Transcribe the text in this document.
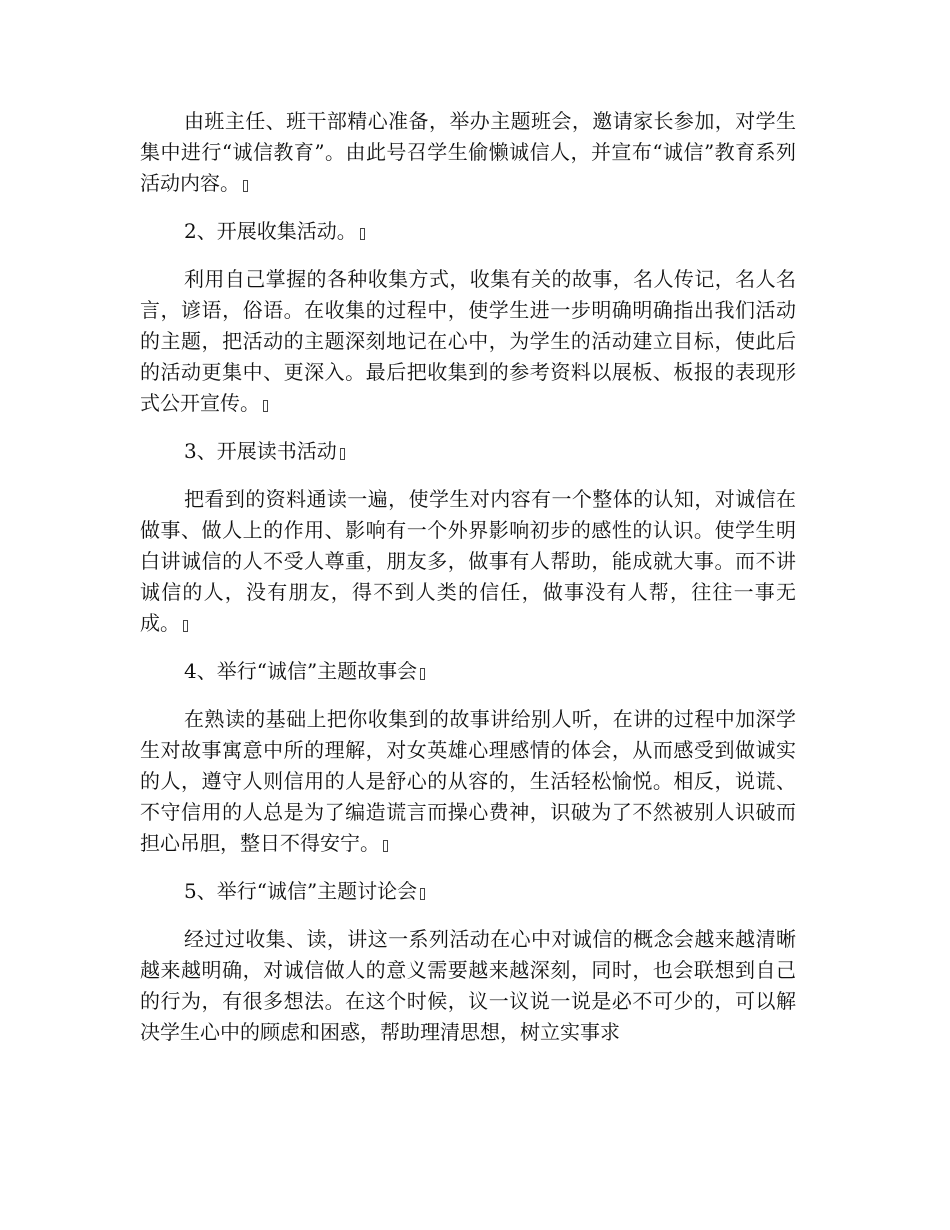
由班主任、班干部精心准备，举办主题班会，邀请家长参加，对学生集中进行“诚信教育”。由此号召学生偷懒诚信人，并宣布“诚信”教育系列活动内容。

2、开展收集活动。

利用自己掌握的各种收集方式，收集有关的故事，名人传记，名人名言，谚语，俗语。在收集的过程中，使学生进一步明确明确指出我们活动的主题，把活动的主题深刻地记在心中，为学生的活动建立目标，使此后的活动更集中、更深入。最后把收集到的参考资料以展板、板报的表现形式公开宣传。

3、开展读书活动

把看到的资料通读一遍，使学生对内容有一个整体的认知，对诚信在做事、做人上的作用、影响有一个外界影响初步的感性的认识。使学生明白讲诚信的人不受人尊重，朋友多，做事有人帮助，能成就大事。而不讲诚信的人，没有朋友，得不到人类的信任，做事没有人帮，往往一事无成。

4、举行“诚信”主题故事会

在熟读的基础上把你收集到的故事讲给别人听，在讲的过程中加深学生对故事寓意中所的理解，对女英雄心理感情的体会，从而感受到做诚实的人，遵守人则信用的人是舒心的从容的，生活轻松愉悦。相反，说谎、不守信用的人总是为了编造谎言而操心费神，识破为了不然被别人识破而担心吊胆，整日不得安宁。

5、举行“诚信”主题讨论会

经过过收集、读，讲这一系列活动在心中对诚信的概念会越来越清晰越来越明确，对诚信做人的意义需要越来越深刻，同时，也会联想到自己的行为，有很多想法。在这个时候，议一议说一说是必不可少的，可以解决学生心中的顾虑和困惑，帮助理清思想，树立实事求
